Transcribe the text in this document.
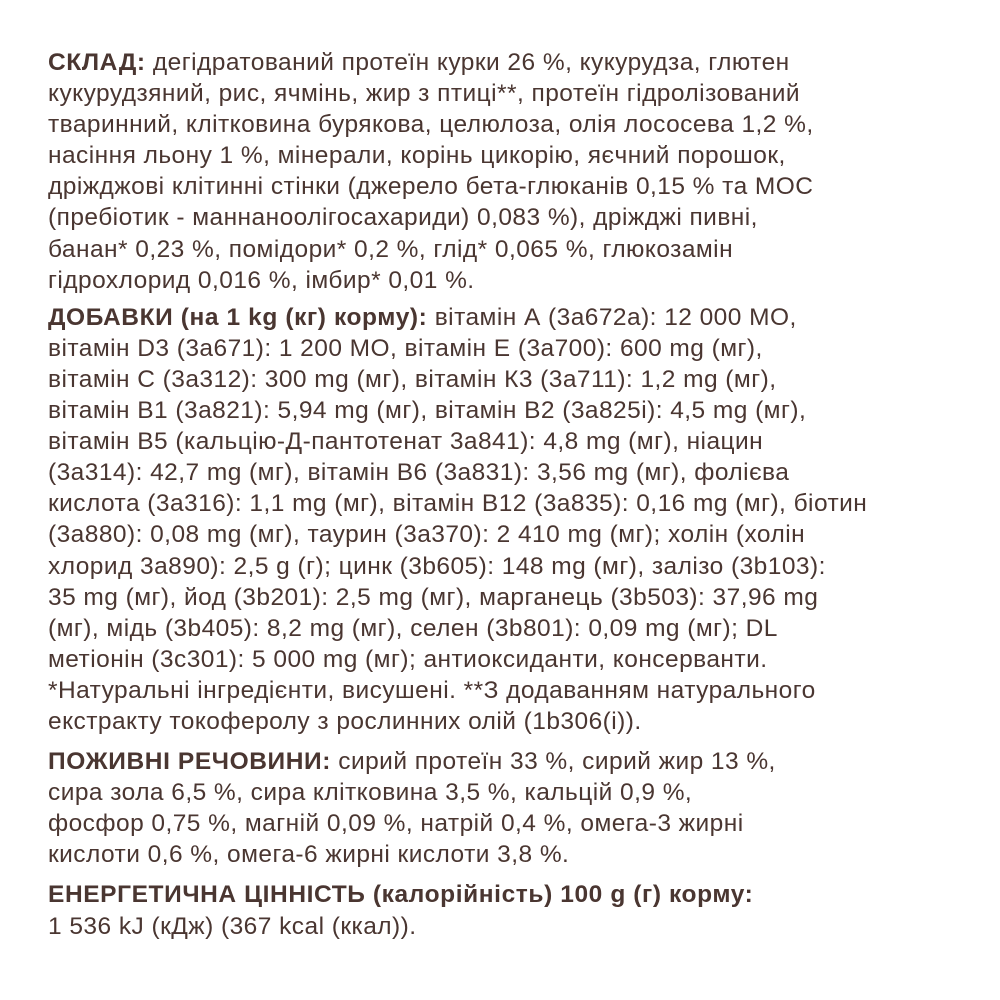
СКЛАД: дегідратований протеїн курки 26 %, кукурудза, глютен
кукурудзяний, рис, ячмінь, жир з птиці**, протеїн гідролізований
тваринний, клітковина бурякова, целюлоза, олія лососева 1,2 %,
насіння льону 1 %, мінерали, корінь цикорію, яєчний порошок,
дріжджові клітинні стінки (джерело бета-глюканів 0,15 % та МОС
(пребіотик - маннаноолігосахариди) 0,083 %), дріжджі пивні,
банан* 0,23 %, помідори* 0,2 %, глід* 0,065 %, глюкозамін
гідрохлорид 0,016 %, імбир* 0,01 %.
ДОБАВКИ (на 1 kg (кг) корму): вітамін А (3а672а): 12 000 МО,
вітамін D3 (3а671): 1 200 МО, вітамін Е (3а700): 600 mg (мг),
вітамін С (3а312): 300 mg (мг), вітамін К3 (3а711): 1,2 mg (мг),
вітамін В1 (3а821): 5,94 mg (мг), вітамін В2 (3а825і): 4,5 mg (мг),
вітамін В5 (кальцію-Д-пантотенат 3а841): 4,8 mg (мг), ніацин
(3а314): 42,7 mg (мг), вітамін В6 (3а831): 3,56 mg (мг), фолієва
кислота (3а316): 1,1 mg (мг), вітамін В12 (3а835): 0,16 mg (мг), біотин
(3а880): 0,08 mg (мг), таурин (3а370): 2 410 mg (мг); холін (холін
хлорид 3а890): 2,5 g (г); цинк (3b605): 148 mg (мг), залізо (3b103):
35 mg (мг), йод (3b201): 2,5 mg (мг), марганець (3b503): 37,96 mg
(мг), мідь (3b405): 8,2 mg (мг), селен (3b801): 0,09 mg (мг); DL
метіонін (3с301): 5 000 mg (мг); антиоксиданти, консерванти.
*Натуральні інгредієнти, висушені. **З додаванням натурального
екстракту токоферолу з рослинних олій (1b306(i)).
ПОЖИВНІ РЕЧОВИНИ: сирий протеїн 33 %, сирий жир 13 %,
сира зола 6,5 %, сира клітковина 3,5 %, кальцій 0,9 %,
фосфор 0,75 %, магній 0,09 %, натрій 0,4 %, омега-3 жирні
кислоти 0,6 %, омега-6 жирні кислоти 3,8 %.
ЕНЕРГЕТИЧНА ЦІННІСТЬ (калорійність) 100 g (г) корму:
1 536 kJ (кДж) (367 kcal (ккал)).
